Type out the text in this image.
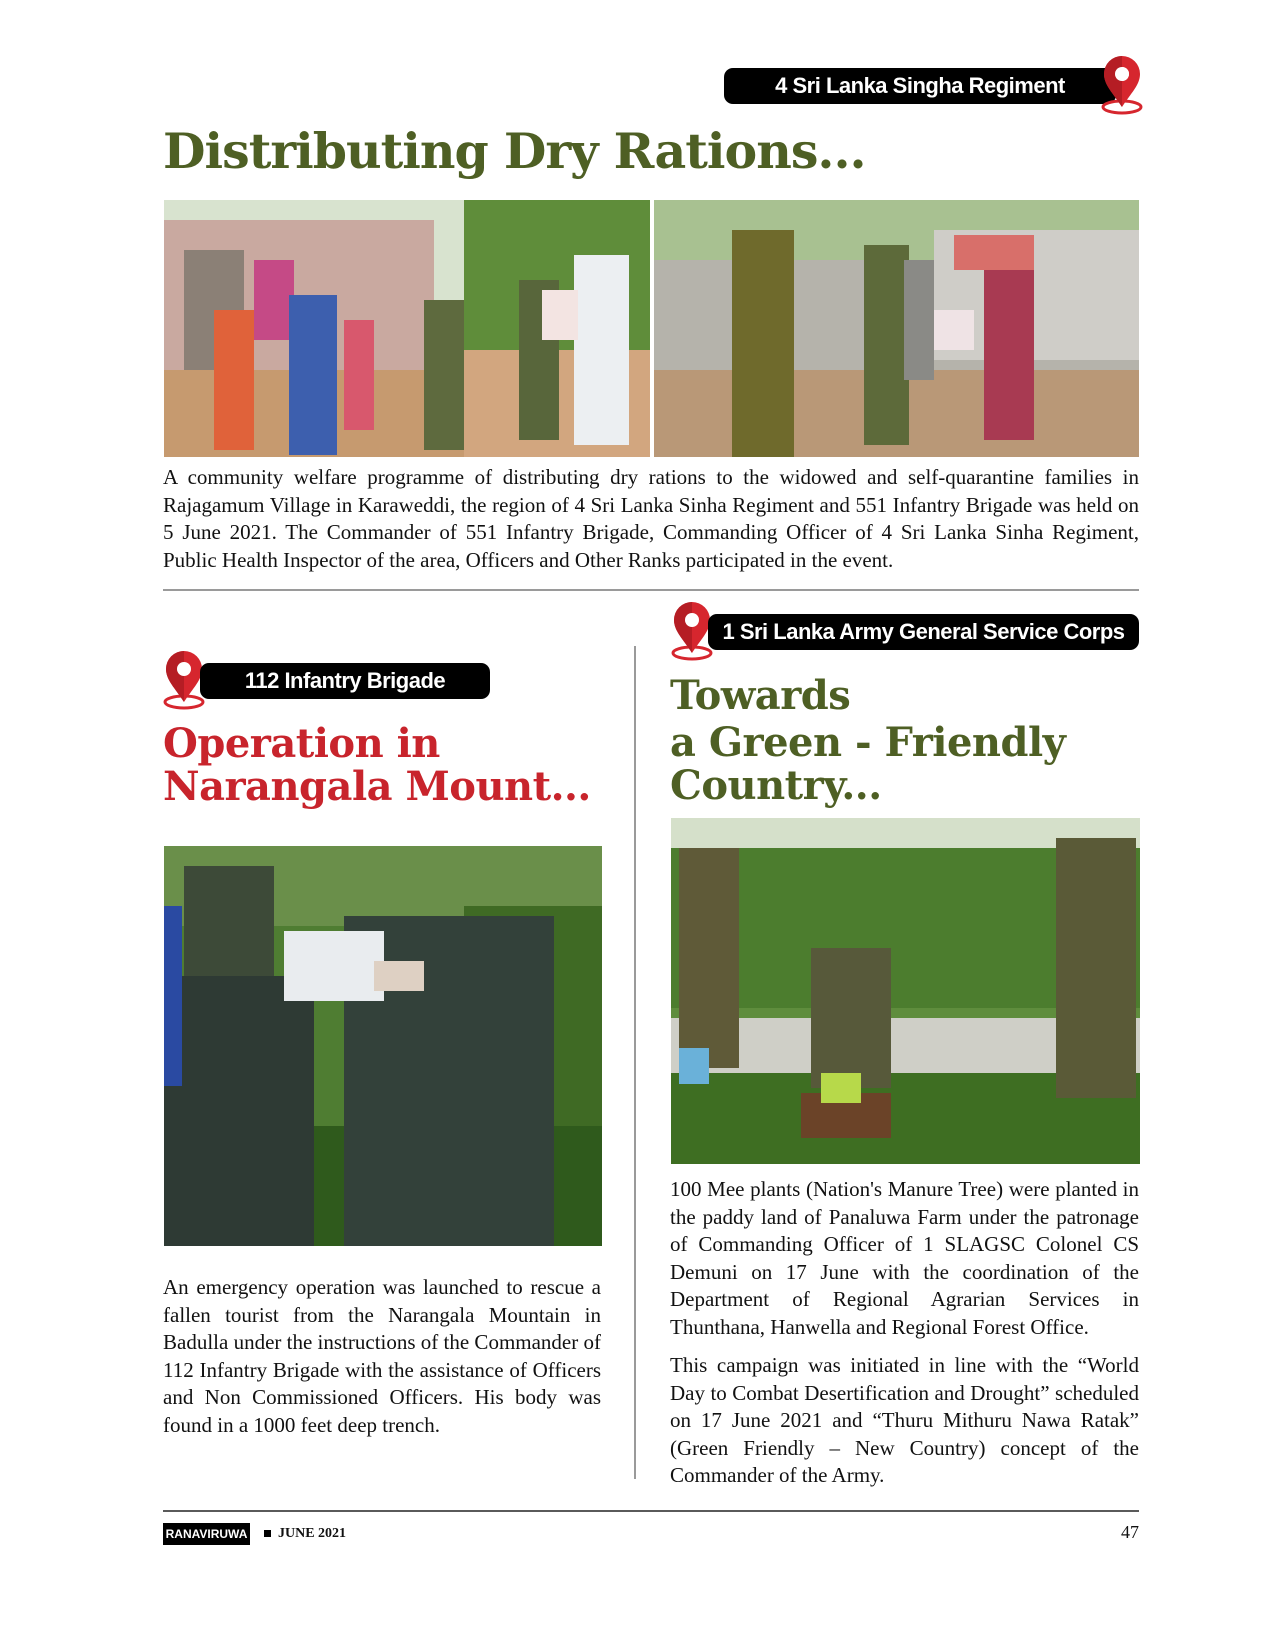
4 Sri Lanka Singha Regiment
Distributing Dry Rations...

A community welfare programme of distributing dry rations to the widowed and self-quarantine families in Rajagamum Village in Karaweddi, the region of 4 Sri Lanka Sinha Regiment and 551 Infantry Brigade was held on 5 June 2021. The Commander of 551 Infantry Brigade, Commanding Officer of 4 Sri Lanka Sinha Regiment, Public Health Inspector of the area, Officers and Other Ranks participated in the event.

112 Infantry Brigade
Operation in
Narangala Mount...

An emergency operation was launched to rescue a fallen tourist from the Narangala Mountain in Badulla under the instructions of the Commander of 112 Infantry Brigade with the assistance of Officers and Non Commissioned Officers. His body was found in a 1000 feet deep trench.

1 Sri Lanka Army General Service Corps
Towards
a Green - Friendly
Country...

100 Mee plants (Nation's Manure Tree) were planted in the paddy land of Panaluwa Farm under the patronage of Commanding Officer of 1 SLAGSC Colonel CS Demuni on 17 June with the coordination of the Department of Regional Agrarian Services in Thunthana, Hanwella and Regional Forest Office.

This campaign was initiated in line with the “World Day to Combat Desertification and Drought” scheduled on 17 June 2021 and “Thuru Mithuru Nawa Ratak” (Green Friendly – New Country) concept of the Commander of the Army.

RANAVIRUWA JUNE 2021	47
